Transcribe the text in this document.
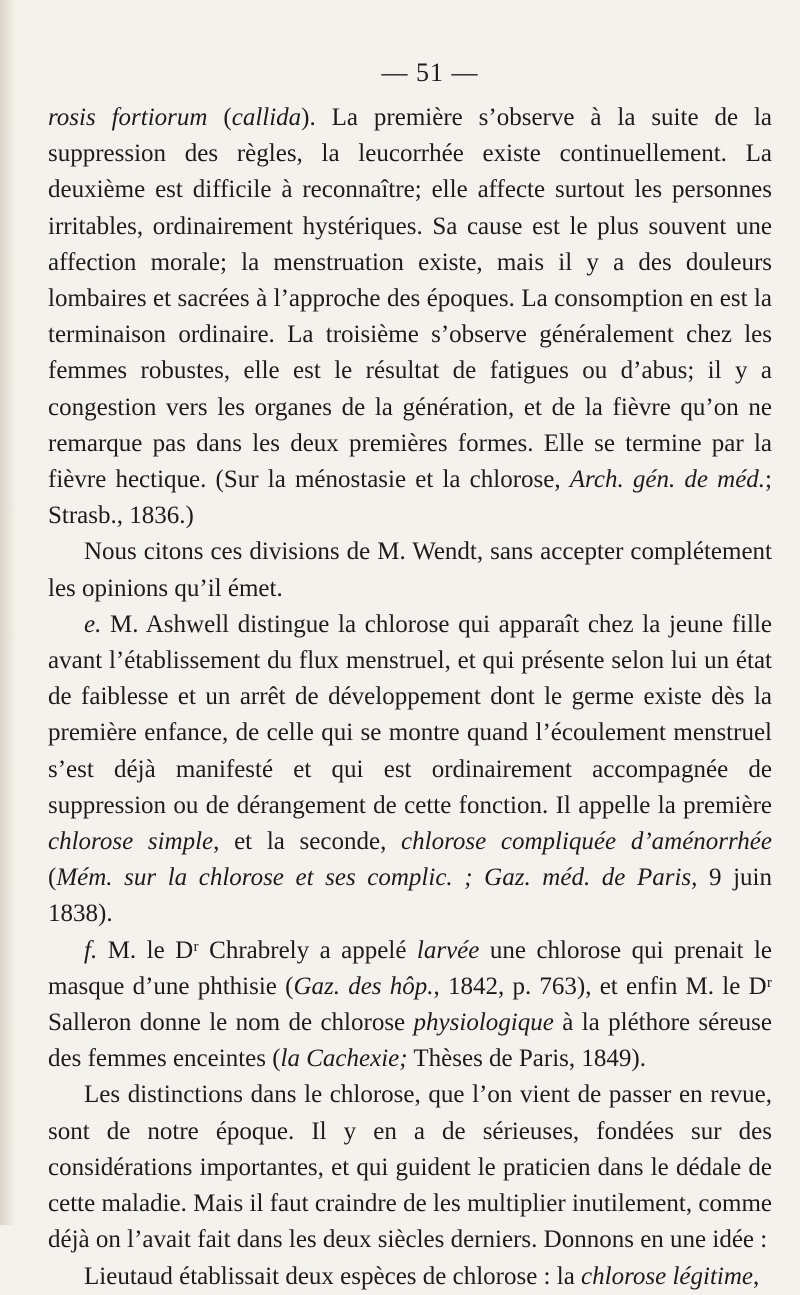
— 51 —

rosis fortiorum (callida). La première s’observe à la suite de la suppression des règles, la leucorrhée existe continuellement. La deuxième est difficile à reconnaître; elle affecte surtout les personnes irritables, ordinairement hystériques. Sa cause est le plus souvent une affection morale; la menstruation existe, mais il y a des douleurs lombaires et sacrées à l’approche des époques. La consomption en est la terminaison ordinaire. La troisième s’observe généralement chez les femmes robustes, elle est le résultat de fatigues ou d’abus; il y a congestion vers les organes de la génération, et de la fièvre qu’on ne remarque pas dans les deux premières formes. Elle se termine par la fièvre hectique. (Sur la ménostasie et la chlorose, Arch. gén. de méd.; Strasb., 1836.)

Nous citons ces divisions de M. Wendt, sans accepter complétement les opinions qu’il émet.

e. M. Ashwell distingue la chlorose qui apparaît chez la jeune fille avant l’établissement du flux menstruel, et qui présente selon lui un état de faiblesse et un arrêt de développement dont le germe existe dès la première enfance, de celle qui se montre quand l’écoulement menstruel s’est déjà manifesté et qui est ordinairement accompagnée de suppression ou de dérangement de cette fonction. Il appelle la première chlorose simple, et la seconde, chlorose compliquée d’aménorrhée (Mém. sur la chlorose et ses complic. ; Gaz. méd. de Paris, 9 juin 1838).

f. M. le Dʳ Chrabrely a appelé larvée une chlorose qui prenait le masque d’une phthisie (Gaz. des hôp., 1842, p. 763), et enfin M. le Dʳ Salleron donne le nom de chlorose physiologique à la pléthore séreuse des femmes enceintes (la Cachexie; Thèses de Paris, 1849).

Les distinctions dans le chlorose, que l’on vient de passer en revue, sont de notre époque. Il y en a de sérieuses, fondées sur des considérations importantes, et qui guident le praticien dans le dédale de cette maladie. Mais il faut craindre de les multiplier inutilement, comme déjà on l’avait fait dans les deux siècles derniers. Donnons en une idée :

Lieutaud établissait deux espèces de chlorose : la chlorose légitime,
